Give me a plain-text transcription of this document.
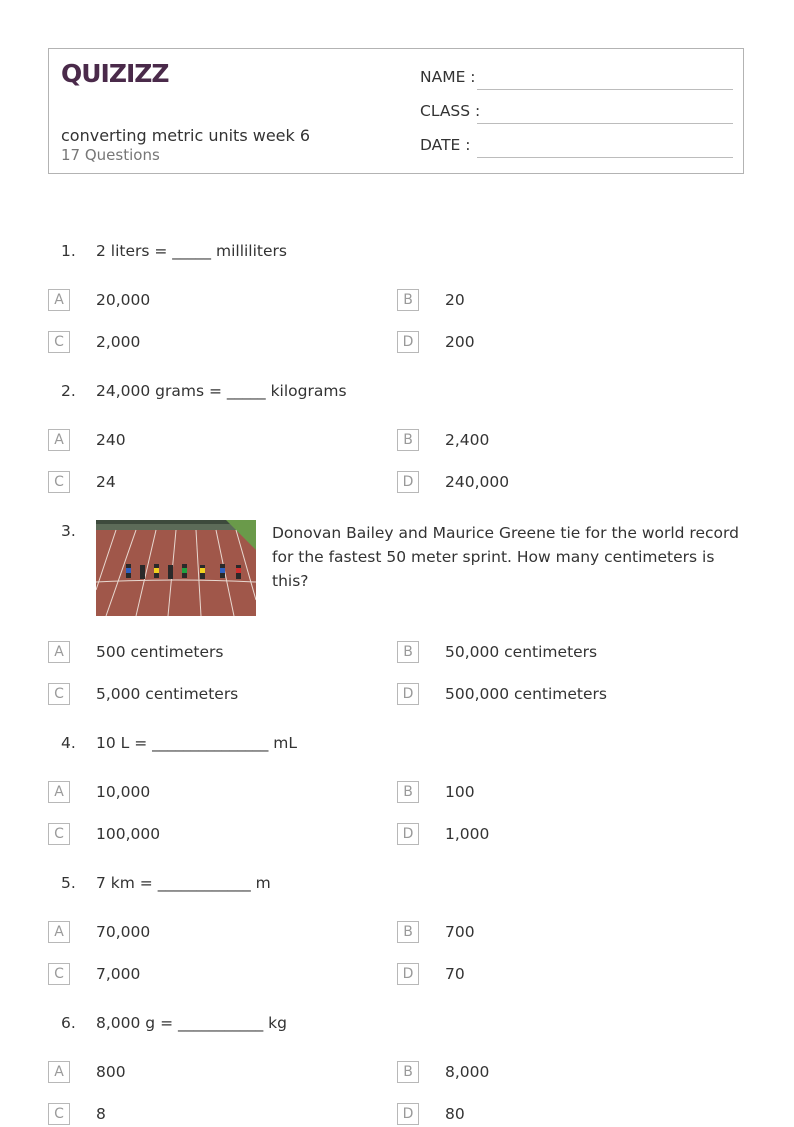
QUIZIZZ
converting metric units week 6
17 Questions
NAME :
CLASS :
DATE :
1.	2 liters = _____ milliliters
A	20,000	B	20
C	2,000	D	200
2.	24,000 grams = _____ kilograms
A	240	B	2,400
C	24	D	240,000
3.	Donovan Bailey and Maurice Greene tie for the world record for the fastest 50 meter sprint. How many centimeters is this?
A	500 centimeters	B	50,000 centimeters
C	5,000 centimeters	D	500,000 centimeters
4.	10 L = _______________ mL
A	10,000	B	100
C	100,000	D	1,000
5.	7 km = ____________ m
A	70,000	B	700
C	7,000	D	70
6.	8,000 g = ___________ kg
A	800	B	8,000
C	8	D	80
